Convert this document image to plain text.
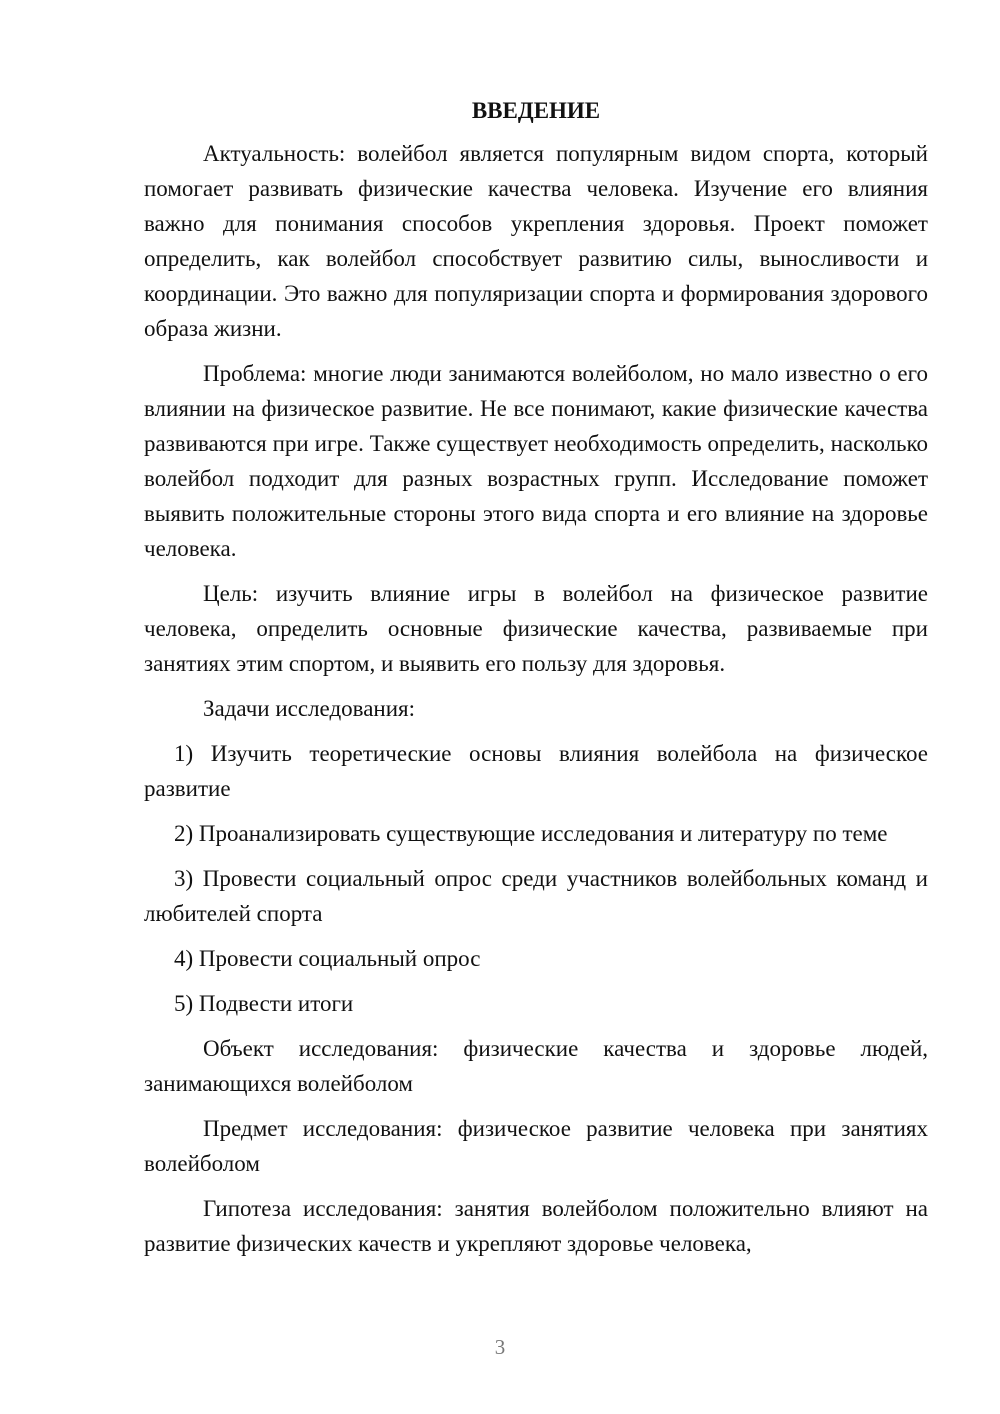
ВВЕДЕНИЕ

Актуальность: волейбол является популярным видом спорта, который помогает развивать физические качества человека. Изучение его влияния важно для понимания способов укрепления здоровья. Проект поможет определить, как волейбол способствует развитию силы, выносливости и координации. Это важно для популяризации спорта и формирования здорового образа жизни.

Проблема: многие люди занимаются волейболом, но мало известно о его влиянии на физическое развитие. Не все понимают, какие физические качества развиваются при игре. Также существует необходимость определить, насколько волейбол подходит для разных возрастных групп. Исследование поможет выявить положительные стороны этого вида спорта и его влияние на здоровье человека.

Цель: изучить влияние игры в волейбол на физическое развитие человека, определить основные физические качества, развиваемые при занятиях этим спортом, и выявить его пользу для здоровья.

Задачи исследования:

1) Изучить теоретические основы влияния волейбола на физическое развитие

2) Проанализировать существующие исследования и литературу по теме

3) Провести социальный опрос среди участников волейбольных команд и любителей спорта

4) Провести социальный опрос

5) Подвести итоги

Объект исследования: физические качества и здоровье людей, занимающихся волейболом

Предмет исследования: физическое развитие человека при занятиях волейболом

Гипотеза исследования: занятия волейболом положительно влияют на развитие физических качеств и укрепляют здоровье человека,

3
